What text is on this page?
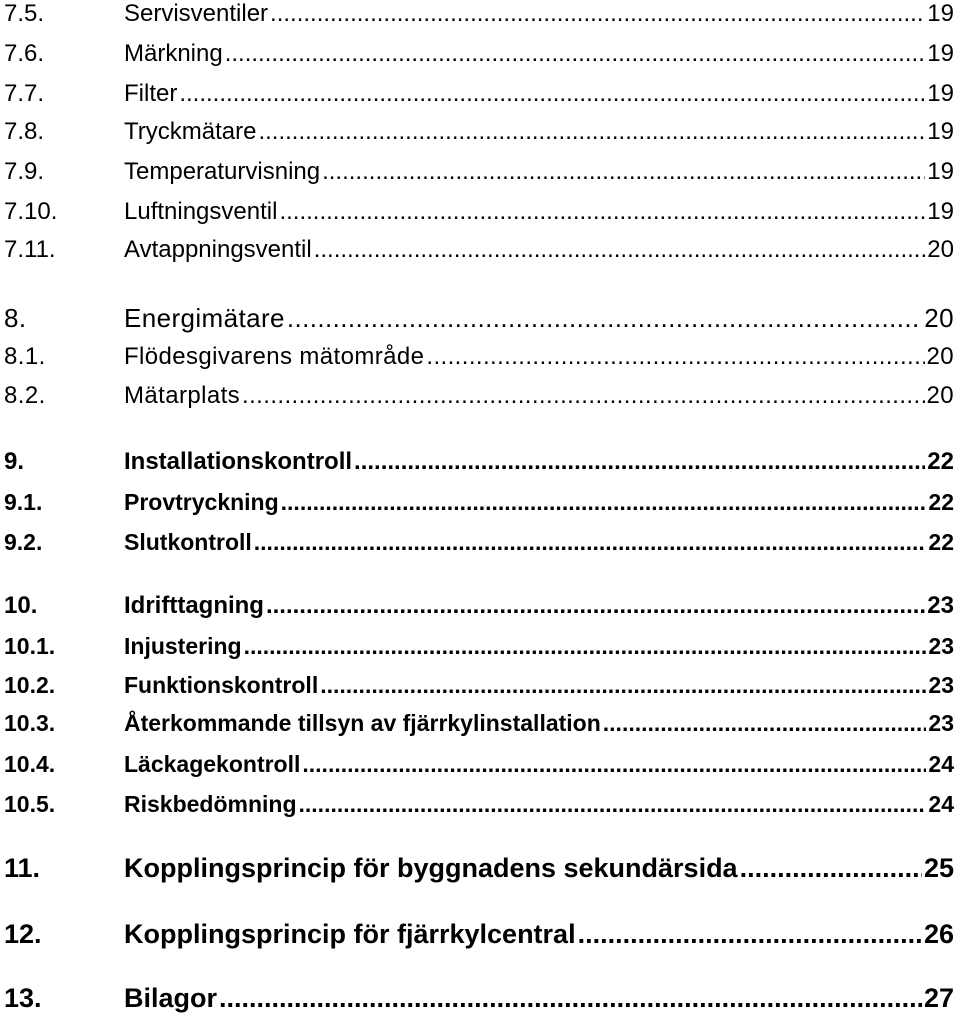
7.5.	Servisventiler .....	19
7.6.	Märkning .....	19
7.7.	Filter .....	19
7.8.	Tryckmätare .....	19
7.9.	Temperaturvisning .....	19
7.10.	Luftningsventil .....	19
7.11.	Avtappningsventil .....	20
8.	Energimätare .....	20
8.1.	Flödesgivarens mätområde .....	20
8.2.	Mätarplats .....	20
9.	Installationskontroll .....	22
9.1.	Provtryckning .....	22
9.2.	Slutkontroll .....	22
10.	Idrifttagning .....	23
10.1.	Injustering .....	23
10.2.	Funktionskontroll .....	23
10.3.	Återkommande tillsyn av fjärrkylinstallation .....	23
10.4.	Läckagekontroll .....	24
10.5.	Riskbedömning .....	24
11.	Kopplingsprincip för byggnadens sekundärsida .....	25
12.	Kopplingsprincip för fjärrkylcentral .....	26
13.	Bilagor .....	27
